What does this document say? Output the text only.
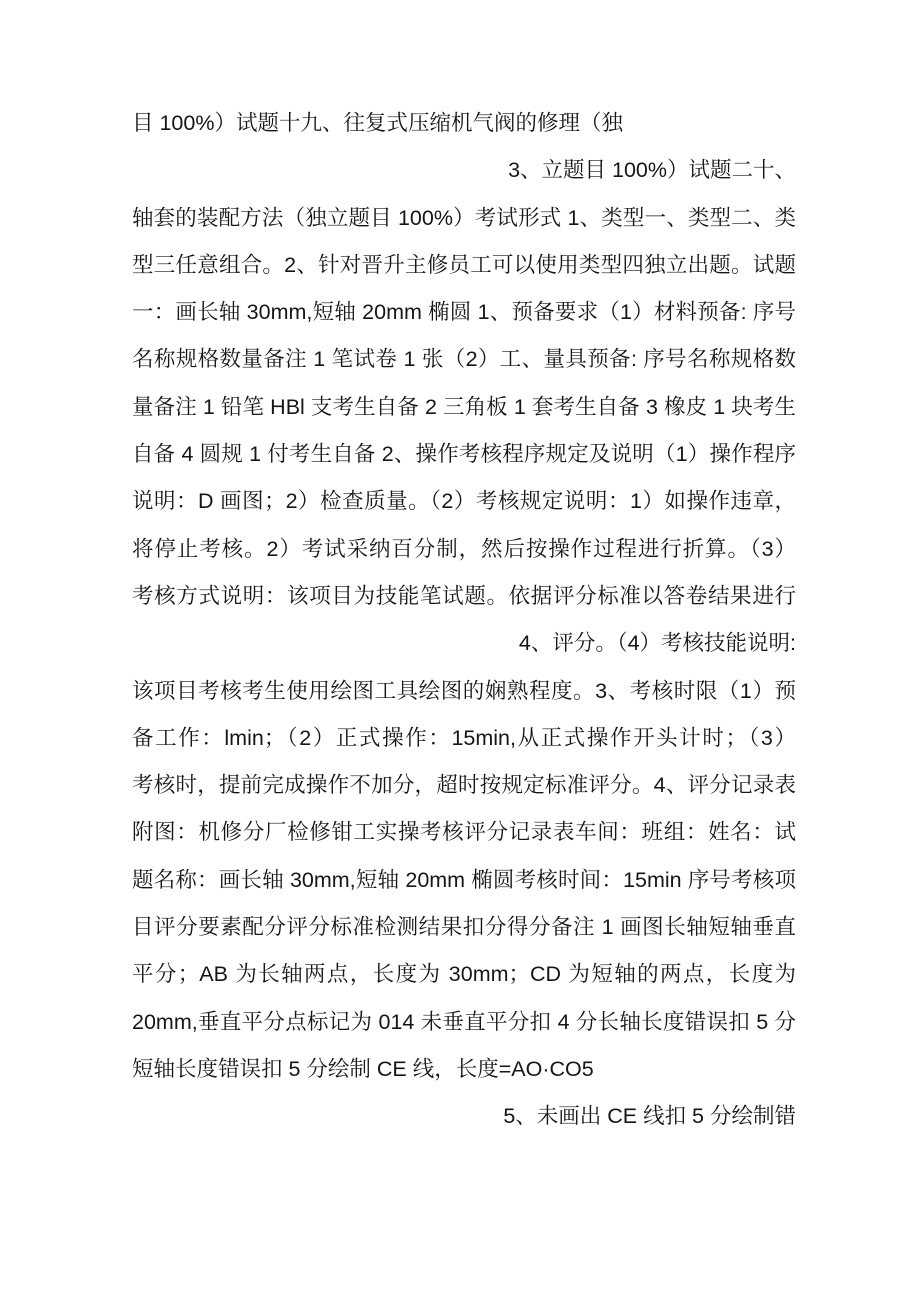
目 100%）试题十九、往复式压缩机气阀的修理（独
3、立题目 100%）试题二十、
轴套的装配方法（独立题目 100%）考试形式 1、类型一、类型二、类
型三任意组合。2、针对晋升主修员工可以使用类型四独立出题。试题
一：画长轴 30mm,短轴 20mm 椭圆 1、预备要求（1）材料预备: 序号
名称规格数量备注 1 笔试卷 1 张（2）工、量具预备: 序号名称规格数
量备注 1 铅笔 HBl 支考生自备 2 三角板 1 套考生自备 3 橡皮 1 块考生
自备 4 圆规 1 付考生自备 2、操作考核程序规定及说明（1）操作程序
说明：D 画图；2）检查质量。（2）考核规定说明：1）如操作违章，
将停止考核。2）考试采纳百分制，然后按操作过程进行折算。（3）
考核方式说明：该项目为技能笔试题。依据评分标准以答卷结果进行
4、评分。（4）考核技能说明:
该项目考核考生使用绘图工具绘图的娴熟程度。3、考核时限（1）预
备工作：lmin；（2）正式操作：15min,从正式操作开头计时；（3）
考核时，提前完成操作不加分，超时按规定标准评分。4、评分记录表
附图：机修分厂检修钳工实操考核评分记录表车间：班组：姓名：试
题名称：画长轴 30mm,短轴 20mm 椭圆考核时间：15min 序号考核项
目评分要素配分评分标准检测结果扣分得分备注 1 画图长轴短轴垂直
平分；AB 为长轴两点，长度为 30mm；CD 为短轴的两点，长度为
20mm,垂直平分点标记为 014 未垂直平分扣 4 分长轴长度错误扣 5 分
短轴长度错误扣 5 分绘制 CE 线，长度=AO·CO5
5、未画出 CE 线扣 5 分绘制错
